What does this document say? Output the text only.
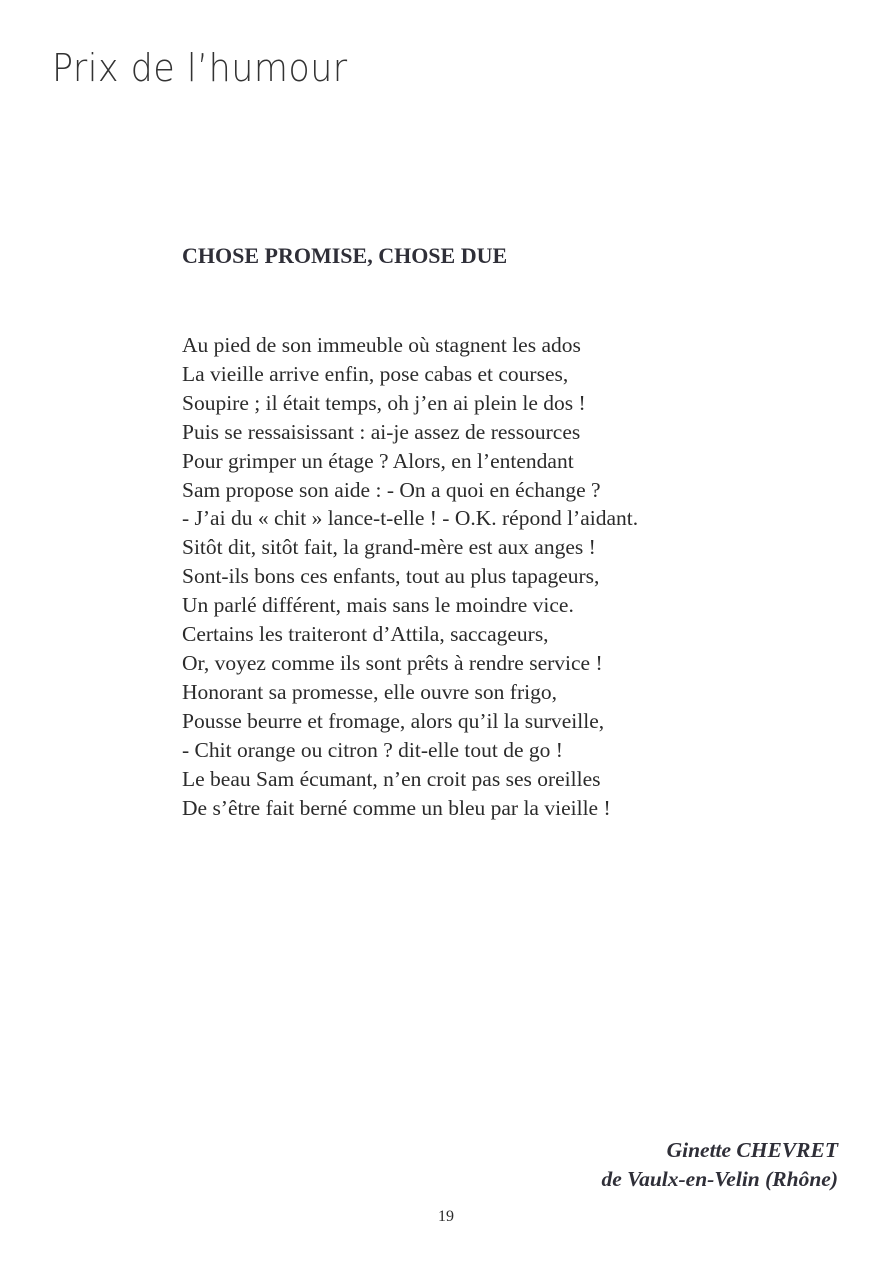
Prix de l’humour
CHOSE PROMISE, CHOSE DUE
Au pied de son immeuble où stagnent les ados
La vieille arrive enfin, pose cabas et courses,
Soupire ; il était temps, oh j’en ai plein le dos !
Puis se ressaisissant : ai-je assez de ressources
Pour grimper un étage ? Alors, en l’entendant
Sam propose son aide : - On a quoi en échange ?
- J’ai du « chit » lance-t-elle ! - O.K. répond l’aidant.
Sitôt dit, sitôt fait, la grand-mère est aux anges !
Sont-ils bons ces enfants, tout au plus tapageurs,
Un parlé différent, mais sans le moindre vice.
Certains les traiteront d’Attila, saccageurs,
Or, voyez comme ils sont prêts à rendre service !
Honorant sa promesse, elle ouvre son frigo,
Pousse beurre et fromage, alors qu’il la surveille,
- Chit orange ou citron ? dit-elle tout de go !
Le beau Sam écumant, n’en croit pas ses oreilles
De s’être fait berné comme un bleu par la vieille !
Ginette CHEVRET
de Vaulx-en-Velin (Rhône)
19
